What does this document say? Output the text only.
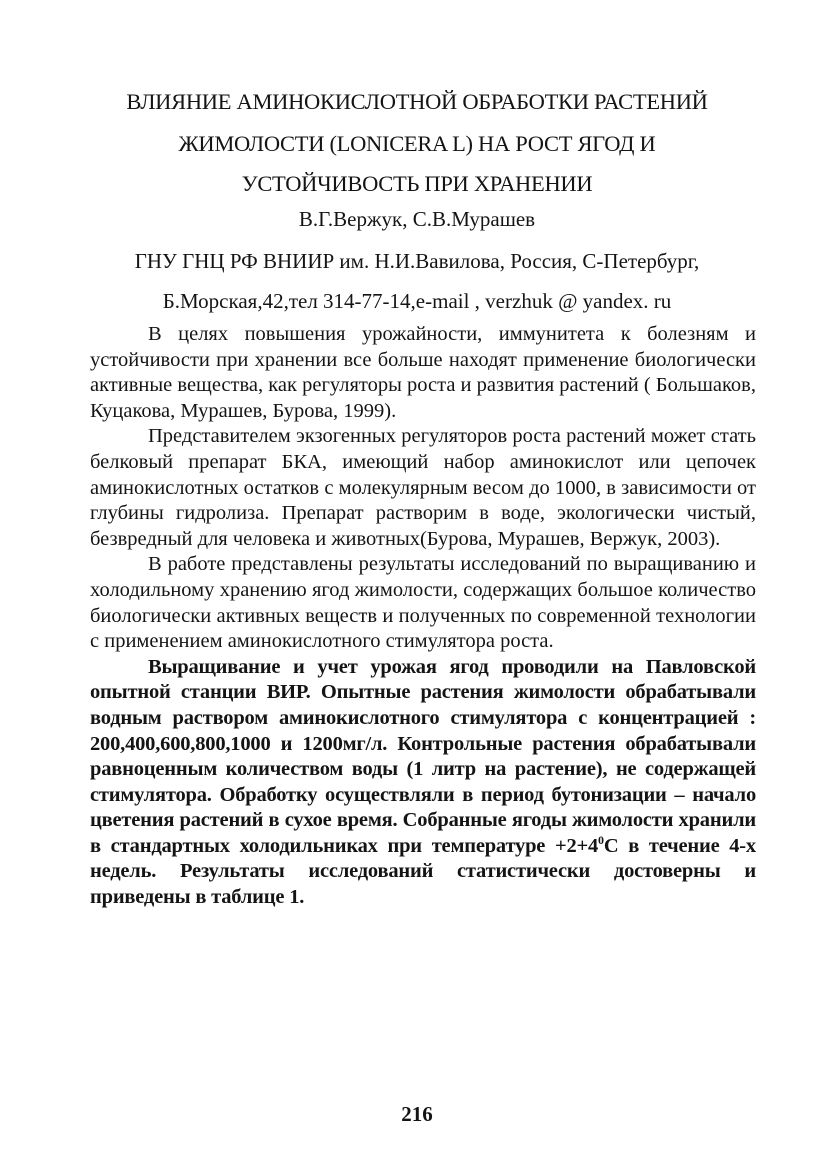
ВЛИЯНИЕ АМИНОКИСЛОТНОЙ ОБРАБОТКИ РАСТЕНИЙ
ЖИМОЛОСТИ (LONICERA L) НА РОСТ ЯГОД И
УСТОЙЧИВОСТЬ ПРИ ХРАНЕНИИ
В.Г.Вержук, С.В.Мурашев
ГНУ ГНЦ РФ ВНИИР им. Н.И.Вавилова, Россия, С-Петербург,
Б.Морская,42,тел 314-77-14,e-mail , verzhuk @ yandex. ru

В целях повышения урожайности, иммунитета к болезням и устойчивости при хранении все больше находят применение биологически активные вещества, как регуляторы роста и развития растений ( Большаков, Куцакова, Мурашев, Бурова, 1999).

Представителем экзогенных регуляторов роста растений может стать белковый препарат БКА, имеющий набор аминокислот или цепочек аминокислотных остатков с молекулярным весом до 1000, в зависимости от глубины гидролиза. Препарат растворим в воде, экологически чистый, безвредный для человека и животных(Бурова, Мурашев, Вержук, 2003).

В работе представлены результаты исследований по выращиванию и холодильному хранению ягод жимолости, содержащих большое количество биологически активных веществ и полученных по современной технологии с применением аминокислотного стимулятора роста.

Выращивание и учет урожая ягод проводили на Павловской опытной станции ВИР. Опытные растения жимолости обрабатывали водным раствором аминокислотного стимулятора с концентрацией : 200,400,600,800,1000 и 1200мг/л. Контрольные растения обрабатывали равноценным количеством воды (1 литр на растение), не содержащей стимулятора. Обработку осуществляли в период бутонизации – начало цветения растений в сухое время. Собранные ягоды жимолости хранили в стандартных холодильниках при температуре $+2+4^0С$ в течение 4-х недель. Результаты исследований статистически достоверны и приведены в таблице 1.

216
